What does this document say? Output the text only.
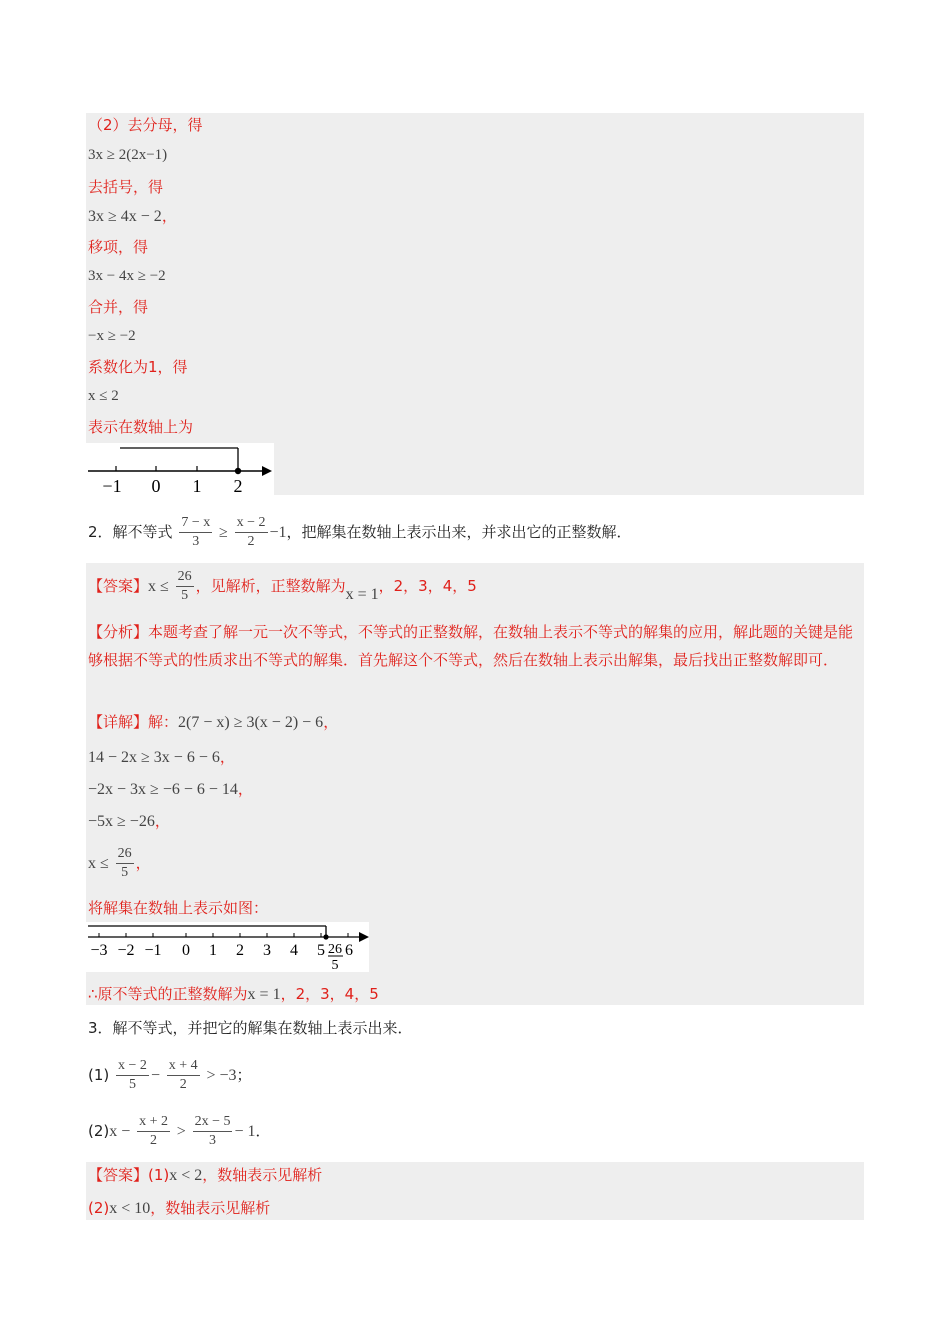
（2）去分母，得
3x ≥ 2(2x−1)
去括号，得
3x ≥ 4x − 2，
移项，得
3x − 4x ≥ −2
合并，得
−x ≥ −2
系数化为1，得
x ≤ 2
表示在数轴上为
−1 0 1 2
2．解不等式 $\frac{7 - x}{3} \ge \frac{x - 2}{2} -1$，把解集在数轴上表示出来，并求出它的正整数解．
【答案】$x \le \frac{26}{5}$ ，见解析，正整数解为x = 1，2，3，4，5
【分析】本题考查了解一元一次不等式，不等式的正整数解，在数轴上表示不等式的解集的应用，解此题的关键是能够根据不等式的性质求出不等式的解集．首先解这个不等式，然后在数轴上表示出解集，最后找出正整数解即可．
【详解】解：2(7 − x) ≥ 3(x − 2) − 6，
14 − 2x ≥ 3x − 6 − 6，
−2x − 3x ≥ −6 − 6 − 14，
−5x ≥ −26，
$x \le \frac{26}{5}$ ，
将解集在数轴上表示如图：
−3 −2 −1 0 1 2 3 4 5 6
26
5
∴原不等式的正整数解为x = 1，2，3，4，5
3．解不等式，并把它的解集在数轴上表示出来．
$(1) \frac{x - 2}{5} - \frac{x + 4}{2} > -3$；
$(2)x - \frac{x + 2}{2} > \frac{2x - 5}{3} - 1$．
【答案】(1)x < 2，数轴表示见解析
(2)x < 10，数轴表示见解析
